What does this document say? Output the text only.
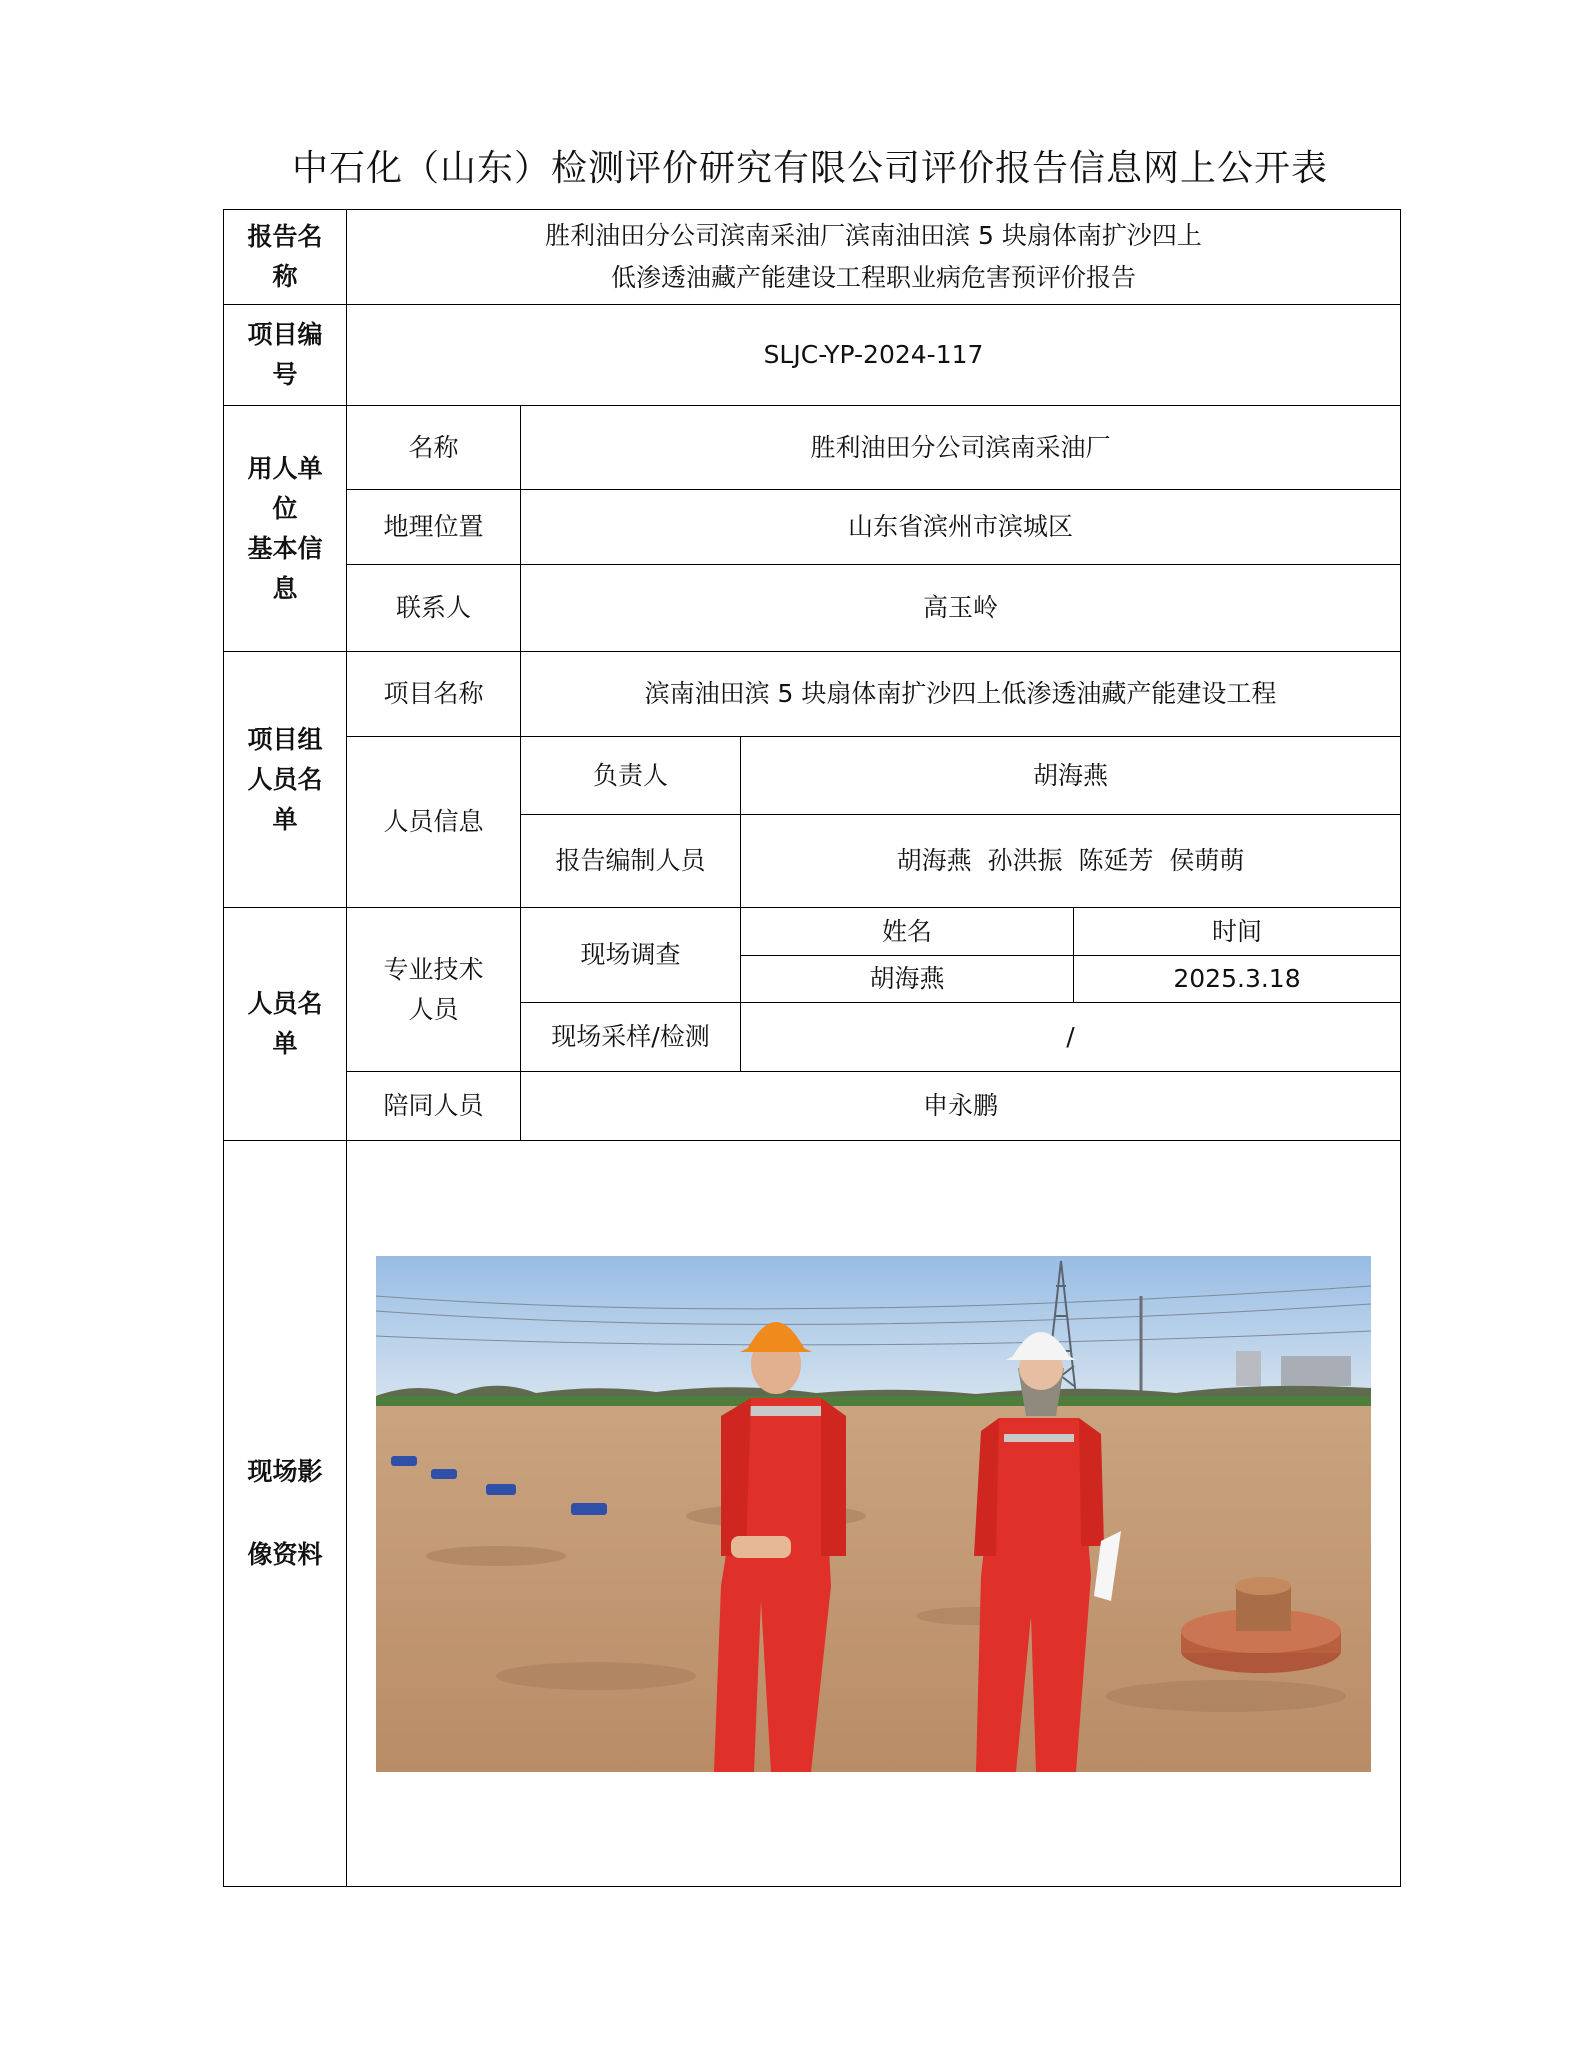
中石化（山东）检测评价研究有限公司评价报告信息网上公开表
报告名
称	胜利油田分公司滨南采油厂滨南油田滨 5 块扇体南扩沙四上
低渗透油藏产能建设工程职业病危害预评价报告			
项目编
号	SLJC-YP-2024-117			
用人单
位
基本信
息	名称	胜利油田分公司滨南采油厂		
	地理位置	山东省滨州市滨城区		
	联系人	高玉岭		
项目组
人员名
单	项目名称	滨南油田滨 5 块扇体南扩沙四上低渗透油藏产能建设工程		
	人员信息	负责人	胡海燕	
		报告编制人员	胡海燕  孙洪振  陈延芳  侯萌萌	
人员名
单	专业技术
人员	现场调查	姓名	时间
			胡海燕	2025.3.18
		现场采样/检测	/	
	陪同人员	申永鹏		
现场影
像资料	
